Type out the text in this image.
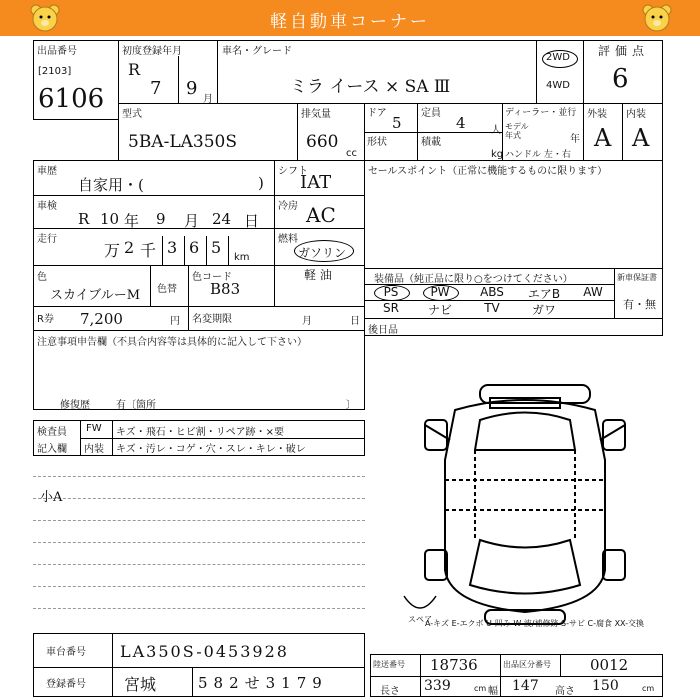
軽自動車コーナー
出品番号
[2103]
6106
初度登録年月
R
7 9
月
車名・グレード
ミラ イース × SA Ⅲ
2WD
4WD
評価点
6
型式
5BA-LA350S
排気量
660
cc
ドア
5
定員
4	人
ディーラー・並行
モデル年式	年
ハンドル 左・右
形状	積載
kg
外装
A
内装
A
車歴
自家用・(	)
車検
R 10 年 9 月 24 日
走行
万 2 千 3 6 5
km
シフト
IAT
冷房 AC
燃料
ガソリン
軽 油
色
スカイブルーM 色替
色コード
B83
R券 7,200	円 名変期限	月	日
注意事項申告欄（不具合内容等は具体的に記入して下さい）
修復歴	有〔箇所	〕
セールスポイント（正常に機能するものに限ります）
装備品（純正品に限り○をつけてください）	新車保証書
有・無
PS	PW	ABS	エアB	AW
SR	ナビ	TV	ガワ
後日品
検査員
記入欄
FW キズ・飛石・ヒビ割・リペア跡・×要
内装 キズ・汚レ・コゲ・穴・スレ・キレ・破レ
小A
スペア
A-キズ E-エクボ U-凹み W-波/補修跡 S-サビ C-腐食 XX-交換
車台番号 LA350S-0453928
登録番号 宮城	582せ3179
陸送番号 18736	出品区分番号	0012
長さ 339	cm 幅 147 高さ 150	cm
